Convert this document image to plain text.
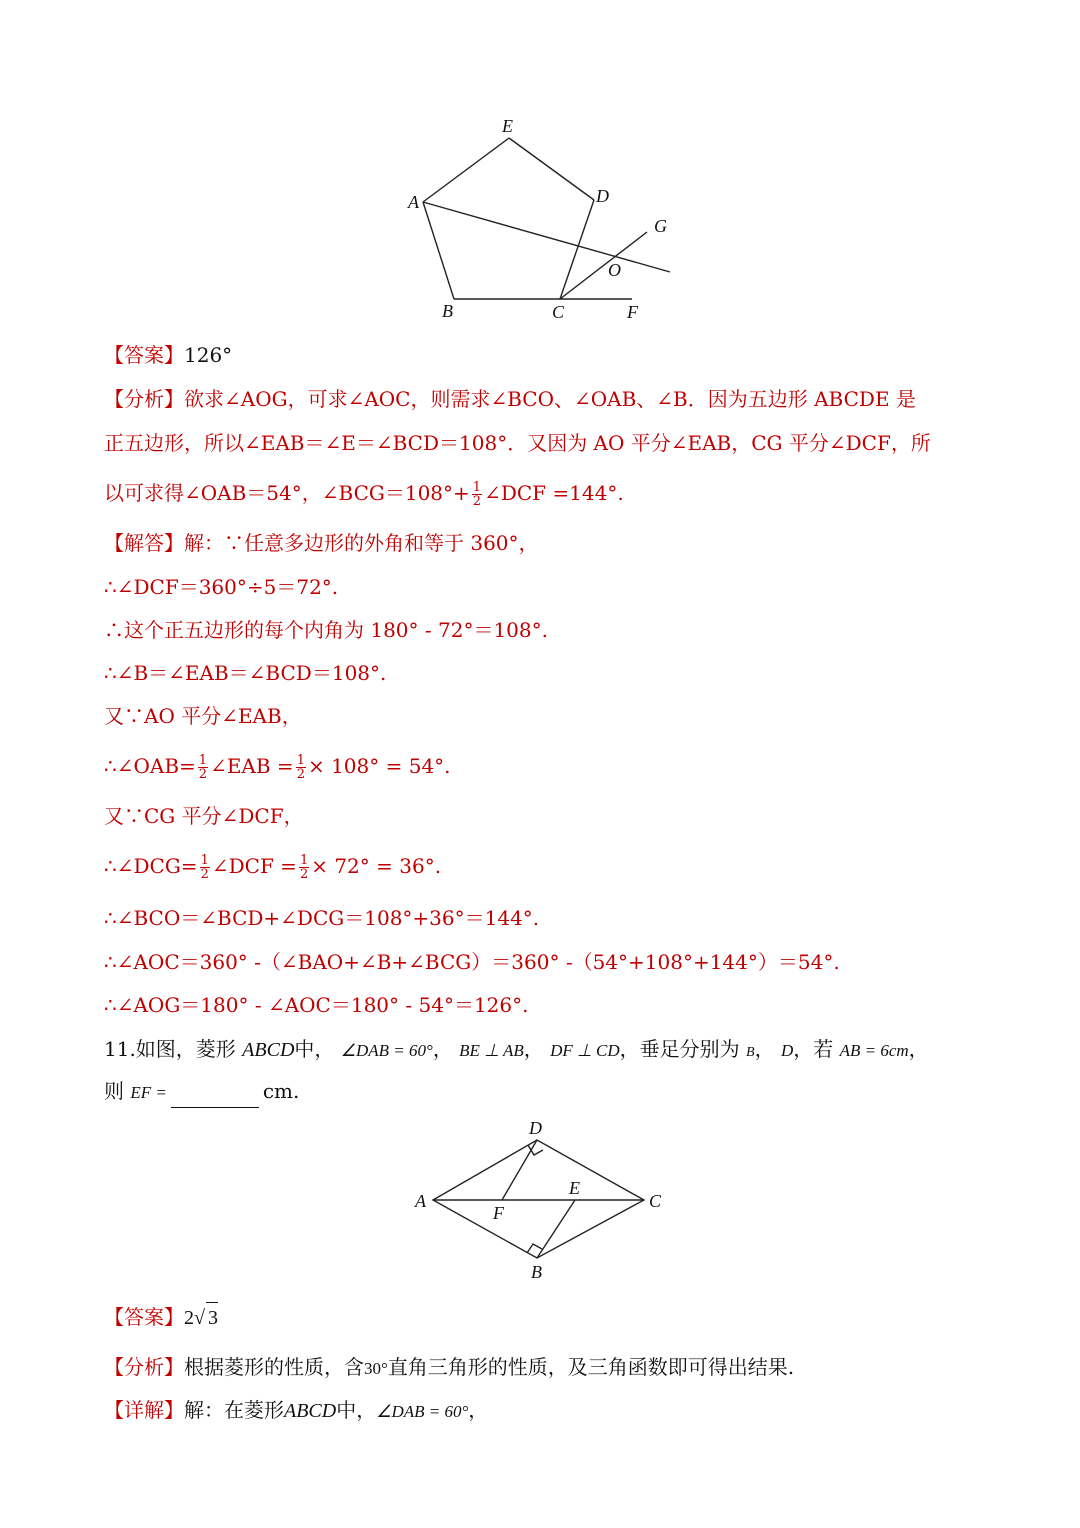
E
D
A
G
O
B	C	F
【答案】126°
【分析】欲求∠AOG，可求∠AOC，则需求∠BCO、∠OAB、∠B．因为五边形 ABCDE 是
正五边形，所以∠EAB＝∠E＝∠BCD＝108°．又因为 AO 平分∠EAB，CG 平分∠DCF，所
以可求得∠OAB＝54°，∠BCG＝108°+ $\frac{1}{2}$ ∠DCF =144°.
【解答】解：∵任意多边形的外角和等于 360°，
∴∠DCF＝360°÷5＝72°.
∴这个正五边形的每个内角为 180° - 72°＝108°.
∴∠B＝∠EAB＝∠BCD＝108°.
又∵AO 平分∠EAB，
∴∠OAB= $\frac{1}{2}$ ∠EAB = $\frac{1}{2} \times 108^\circ = 54^\circ$.
又∵CG 平分∠DCF，
∴∠DCG= $\frac{1}{2}$ ∠DCF = $\frac{1}{2} \times 72^\circ = 36^\circ$.
∴∠BCO＝∠BCD+∠DCG＝108°+36°＝144°.
∴∠AOC＝360° -（∠BAO+∠B+∠BCG）＝360° -（54°+108°+144°）＝54°.
∴∠AOG＝180° - ∠AOC＝180° - 54°＝126°.
11.如图，菱形 ABCD中， ∠DAB = 60°， BE ⊥ AB， DF ⊥ CD，垂足分别为 B， D，若 AB = 6cm，
则 EF =	cm.
D
E
A	C
F
B
【答案】2√ 3
【分析】根据菱形的性质，含30°直角三角形的性质，及三角函数即可得出结果.
【详解】解：在菱形ABCD中，∠DAB = 60°，
